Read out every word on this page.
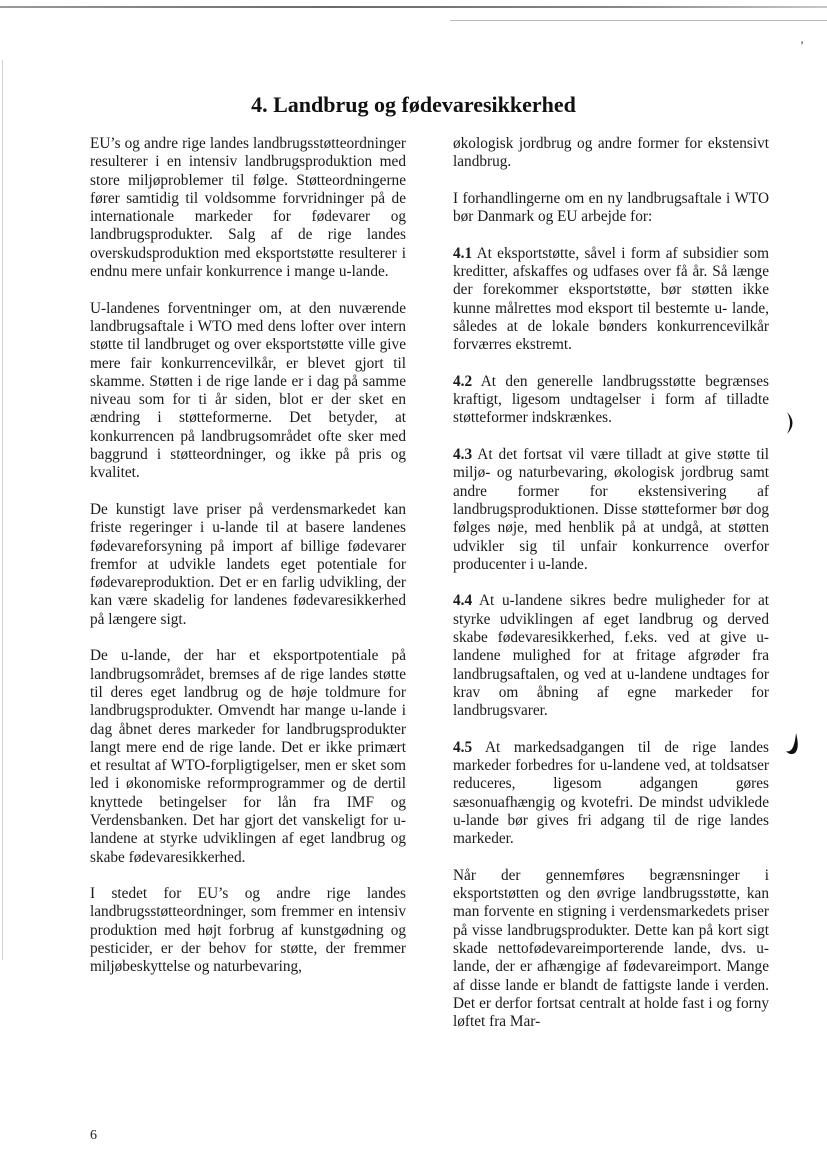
’
4. Landbrug og fødevaresikkerhed

EU’s og andre rige landes landbrugsstøtteordninger resulterer i en intensiv landbrugsproduktion med store miljøproblemer til følge. Støtteordningerne fører samtidig til voldsomme forvridninger på de internationale markeder for fødevarer og landbrugsprodukter. Salg af de rige landes overskudsproduktion med eksportstøtte resulterer i endnu mere unfair konkurrence i mange u-lande.

U-landenes forventninger om, at den nuværende landbrugsaftale i WTO med dens lofter over intern støtte til landbruget og over eksportstøtte ville give mere fair konkurrencevilkår, er blevet gjort til skamme. Støtten i de rige lande er i dag på samme niveau som for ti år siden, blot er der sket en ændring i støtteformerne. Det betyder, at konkurrencen på landbrugsområdet ofte sker med baggrund i støtteordninger, og ikke på pris og kvalitet.

De kunstigt lave priser på verdensmarkedet kan friste regeringer i u-lande til at basere landenes fødevareforsyning på import af billige fødevarer fremfor at udvikle landets eget potentiale for fødevareproduktion. Det er en farlig udvikling, der kan være skadelig for landenes fødevaresikkerhed på længere sigt.

De u-lande, der har et eksportpotentiale på landbrugsområdet, bremses af de rige landes støtte til deres eget landbrug og de høje toldmure for landbrugsprodukter. Omvendt har mange u-lande i dag åbnet deres markeder for landbrugsprodukter langt mere end de rige lande. Det er ikke primært et resultat af WTO-forpligtigelser, men er sket som led i økonomiske reformprogrammer og de dertil knyttede betingelser for lån fra IMF og Verdensbanken. Det har gjort det vanskeligt for u-landene at styrke udviklingen af eget landbrug og skabe fødevaresikkerhed.

I stedet for EU’s og andre rige landes landbrugsstøtteordninger, som fremmer en intensiv produktion med højt forbrug af kunstgødning og pesticider, er der behov for støtte, der fremmer miljøbeskyttelse og naturbevaring,

økologisk jordbrug og andre former for ekstensivt landbrug.

I forhandlingerne om en ny landbrugsaftale i WTO bør Danmark og EU arbejde for:

4.1 At eksportstøtte, såvel i form af subsidier som kreditter, afskaffes og udfases over få år. Så længe der forekommer eksportstøtte, bør støtten ikke kunne målrettes mod eksport til bestemte u- lande, således at de lokale bønders konkurrencevilkår forværres ekstremt.

4.2 At den generelle landbrugsstøtte begrænses kraftigt, ligesom undtagelser i form af tilladte støtteformer indskrænkes.

4.3 At det fortsat vil være tilladt at give støtte til miljø- og naturbevaring, økologisk jordbrug samt andre former for ekstensivering af landbrugsproduktionen. Disse støtteformer bør dog følges nøje, med henblik på at undgå, at støtten udvikler sig til unfair konkurrence overfor producenter i u-lande.

4.4 At u-landene sikres bedre muligheder for at styrke udviklingen af eget landbrug og derved skabe fødevaresikkerhed, f.eks. ved at give u-landene mulighed for at fritage afgrøder fra landbrugsaftalen, og ved at u-landene undtages for krav om åbning af egne markeder for landbrugsvarer.

4.5 At markedsadgangen til de rige landes markeder forbedres for u-landene ved, at toldsatser reduceres, ligesom adgangen gøres sæsonuafhængig og kvotefri. De mindst udviklede u-lande bør gives fri adgang til de rige landes markeder.

Når der gennemføres begrænsninger i eksportstøtten og den øvrige landbrugsstøtte, kan man forvente en stigning i verdensmarkedets priser på visse landbrugsprodukter. Dette kan på kort sigt skade nettofødevareimporterende lande, dvs. u-lande, der er afhængige af fødevareimport. Mange af disse lande er blandt de fattigste lande i verden. Det er derfor fortsat centralt at holde fast i og forny løftet fra Mar-

6
